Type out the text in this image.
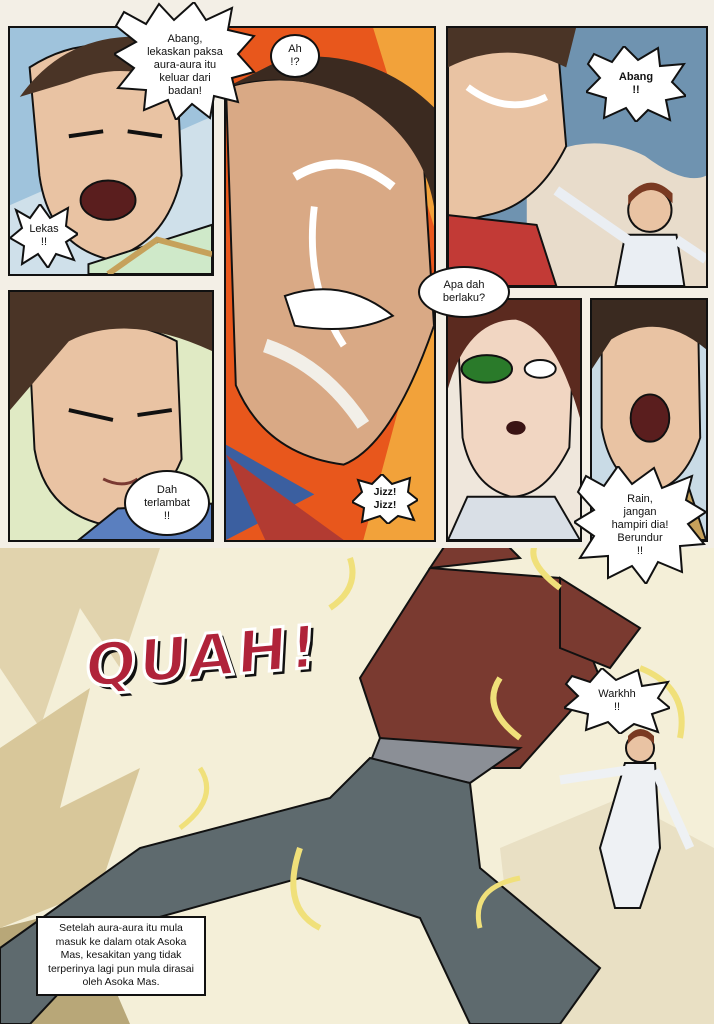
QUAH!
Abang,
lekaskan paksa
aura-aura itu
keluar dari
badan!
Lekas
!!
Ah
!?
Abang
!!
Apa dah
berlaku?
Dah
terlambat
!!
Jizz!
Jizz!
Rain,
jangan
hampiri dia!
Berundur
!!
Warkhh
!!
Setelah aura-aura itu mula masuk ke dalam otak Asoka Mas, kesakitan yang tidak terperinya lagi pun mula dirasai oleh Asoka Mas.
